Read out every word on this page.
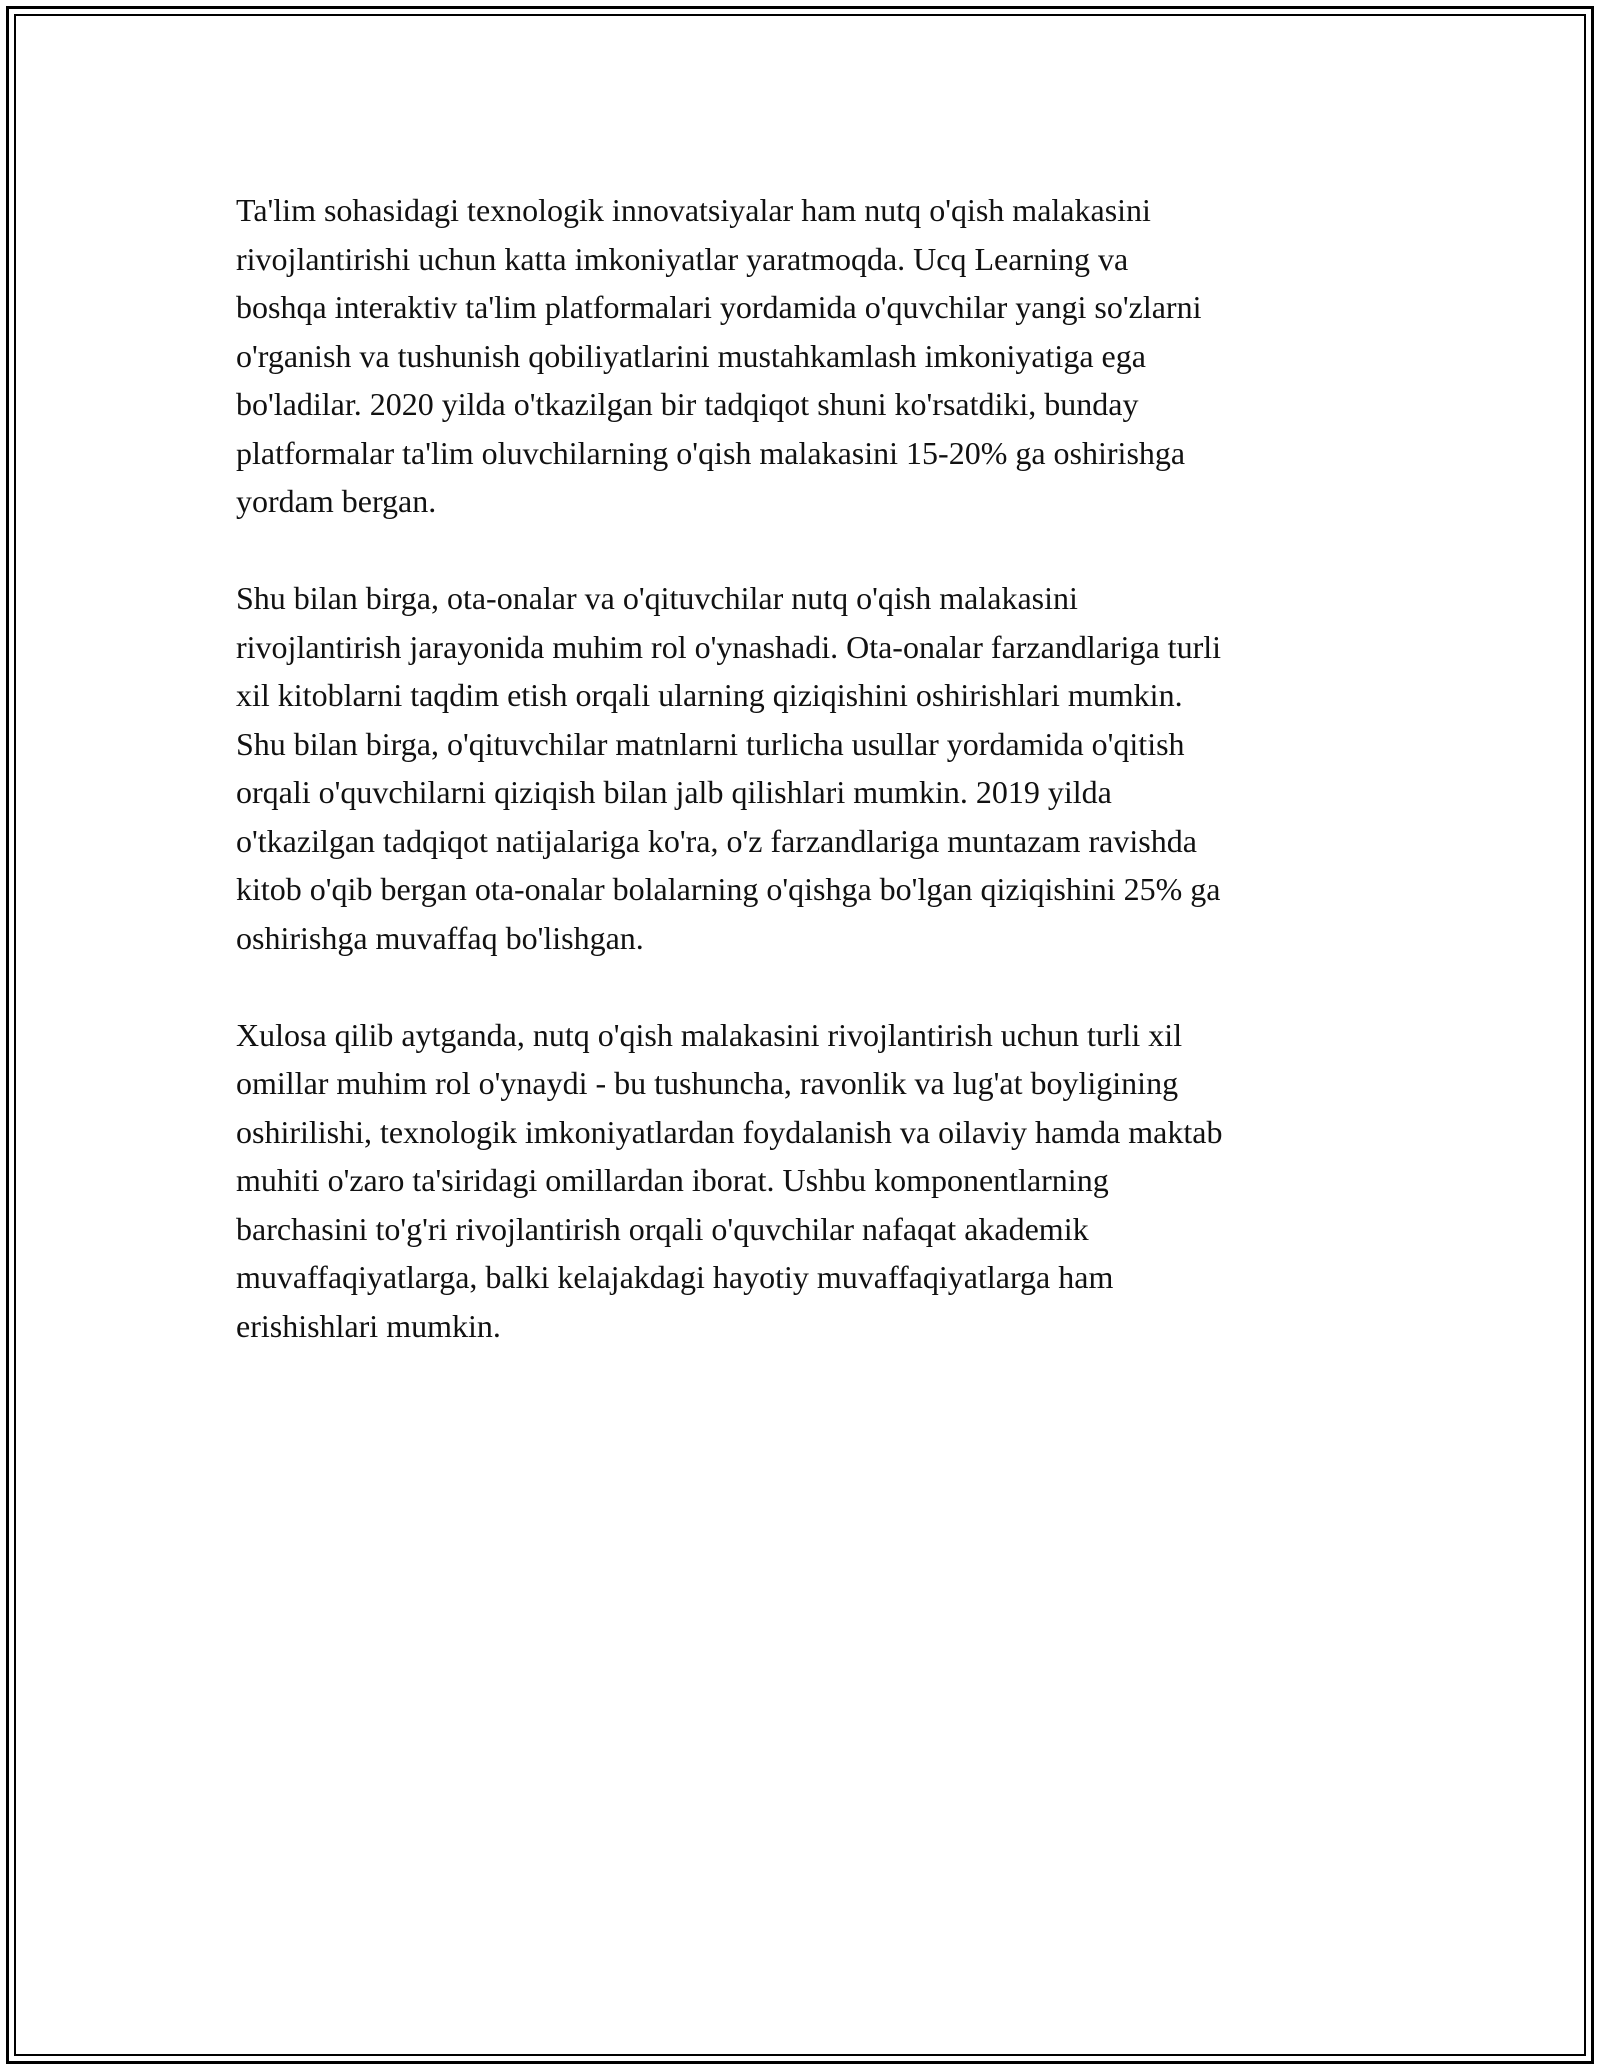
Ta'lim sohasidagi texnologik innovatsiyalar ham nutq o'qish malakasini
rivojlantirishi uchun katta imkoniyatlar yaratmoqda. Ucq Learning va
boshqa interaktiv ta'lim platformalari yordamida o'quvchilar yangi so'zlarni
o'rganish va tushunish qobiliyatlarini mustahkamlash imkoniyatiga ega
bo'ladilar. 2020 yilda o'tkazilgan bir tadqiqot shuni ko'rsatdiki, bunday
platformalar ta'lim oluvchilarning o'qish malakasini 15-20% ga oshirishga
yordam bergan.

Shu bilan birga, ota-onalar va o'qituvchilar nutq o'qish malakasini
rivojlantirish jarayonida muhim rol o'ynashadi. Ota-onalar farzandlariga turli
xil kitoblarni taqdim etish orqali ularning qiziqishini oshirishlari mumkin.
Shu bilan birga, o'qituvchilar matnlarni turlicha usullar yordamida o'qitish
orqali o'quvchilarni qiziqish bilan jalb qilishlari mumkin. 2019 yilda
o'tkazilgan tadqiqot natijalariga ko'ra, o'z farzandlariga muntazam ravishda
kitob o'qib bergan ota-onalar bolalarning o'qishga bo'lgan qiziqishini 25% ga
oshirishga muvaffaq bo'lishgan.

Xulosa qilib aytganda, nutq o'qish malakasini rivojlantirish uchun turli xil
omillar muhim rol o'ynaydi - bu tushuncha, ravonlik va lug'at boyligining
oshirilishi, texnologik imkoniyatlardan foydalanish va oilaviy hamda maktab
muhiti o'zaro ta'siridagi omillardan iborat. Ushbu komponentlarning
barchasini to'g'ri rivojlantirish orqali o'quvchilar nafaqat akademik
muvaffaqiyatlarga, balki kelajakdagi hayotiy muvaffaqiyatlarga ham
erishishlari mumkin.
